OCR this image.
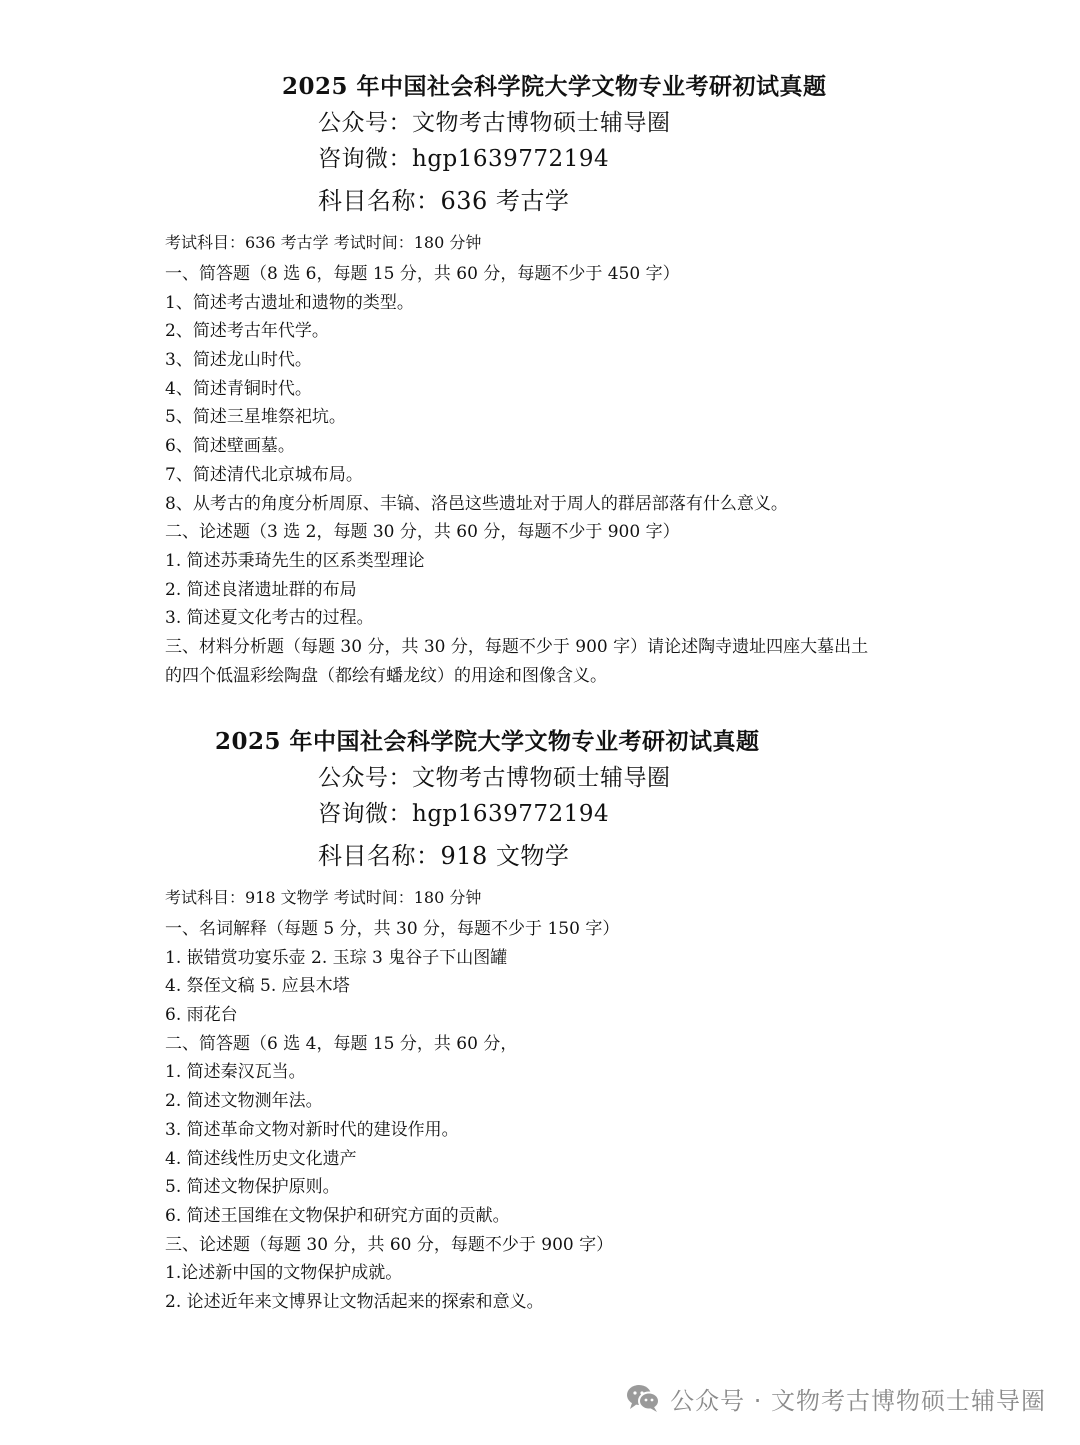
2025 年中国社会科学院大学文物专业考研初试真题
公众号：文物考古博物硕士辅导圈
咨询微：hgp1639772194
科目名称：636 考古学
考试科目：636 考古学 考试时间：180 分钟
一、简答题（8 选 6，每题 15 分，共 60 分，每题不少于 450 字）
1、简述考古遗址和遗物的类型。
2、简述考古年代学。
3、简述龙山时代。
4、简述青铜时代。
5、简述三星堆祭祀坑。
6、简述壁画墓。
7、简述清代北京城布局。
8、从考古的角度分析周原、丰镐、洛邑这些遗址对于周人的群居部落有什么意义。
二、论述题（3 选 2，每题 30 分，共 60 分，每题不少于 900 字）
1. 简述苏秉琦先生的区系类型理论
2. 简述良渚遗址群的布局
3. 简述夏文化考古的过程。
三、材料分析题（每题 30 分，共 30 分，每题不少于 900 字）请论述陶寺遗址四座大墓出土
的四个低温彩绘陶盘（都绘有蟠龙纹）的用途和图像含义。
2025 年中国社会科学院大学文物专业考研初试真题
公众号：文物考古博物硕士辅导圈
咨询微：hgp1639772194
科目名称：918 文物学
考试科目：918 文物学 考试时间：180 分钟
一、名词解释（每题 5 分，共 30 分，每题不少于 150 字）
1. 嵌错赏功宴乐壶 2. 玉琮 3 鬼谷子下山图罐
4. 祭侄文稿 5. 应县木塔
6. 雨花台
二、简答题（6 选 4，每题 15 分，共 60 分，
1. 简述秦汉瓦当。
2. 简述文物测年法。
3. 简述革命文物对新时代的建设作用。
4. 简述线性历史文化遗产
5. 简述文物保护原则。
6. 简述王国维在文物保护和研究方面的贡献。
三、论述题（每题 30 分，共 60 分，每题不少于 900 字）
1.论述新中国的文物保护成就。
2. 论述近年来文博界让文物活起来的探索和意义。
公众号 · 文物考古博物硕士辅导圈
